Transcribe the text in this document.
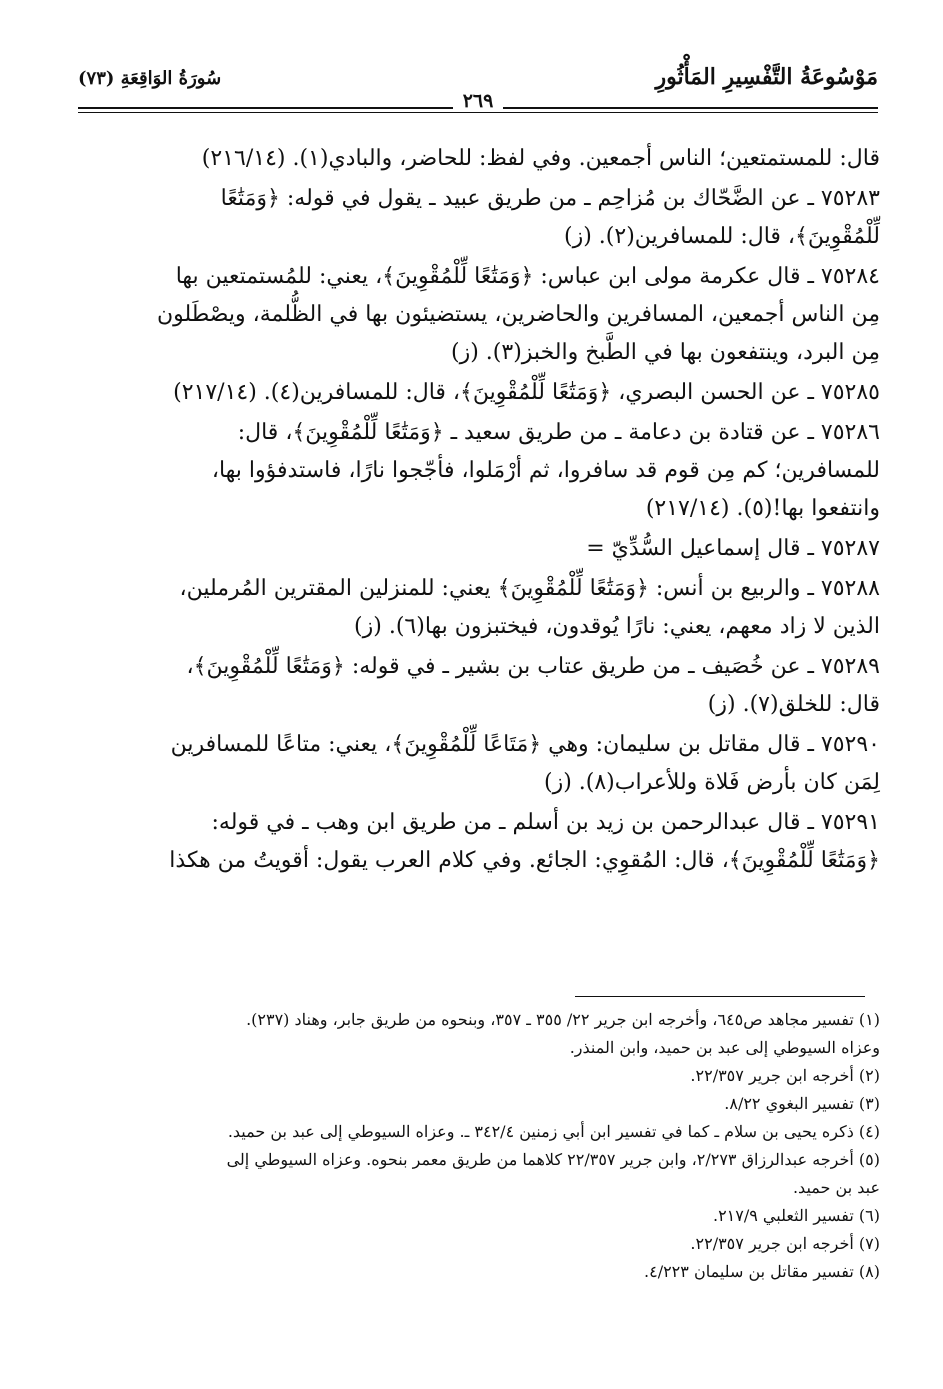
مَوْسُوعَةُ التَّفْسِيرِ المَأْثُورِ
سُورَةُ الوَاقِعَةِ (٧٣)
٢٦٩

قال: للمستمتعين؛ الناس أجمعين. وفي لفظ: للحاضر، والبادي(١). (٢١٦/١٤)

٧٥٢٨٣ ـ عن الضَّحّاك بن مُزاحِم ـ من طريق عبيد ـ يقول في قوله: ﴿وَمَتَٰعًا

لِّلْمُقْوِينَ﴾، قال: للمسافرين(٢). (ز)

٧٥٢٨٤ ـ قال عكرمة مولى ابن عباس: ﴿وَمَتَٰعًا لِّلْمُقْوِينَ﴾، يعني: للمُستمتعين بها

مِن الناس أجمعين، المسافرين والحاضرين، يستضيئون بها في الظُّلمة، ويصْطَلون

مِن البرد، وينتفعون بها في الطَّبخ والخبز(٣). (ز)

٧٥٢٨٥ ـ عن الحسن البصري، ﴿وَمَتَٰعًا لِّلْمُقْوِينَ﴾، قال: للمسافرين(٤). (٢١٧/١٤)

٧٥٢٨٦ ـ عن قتادة بن دعامة ـ من طريق سعيد ـ ﴿وَمَتَٰعًا لِّلْمُقْوِينَ﴾، قال:

للمسافرين؛ كم مِن قوم قد سافروا، ثم أرْمَلوا، فأجّجوا نارًا، فاستدفؤوا بها،

وانتفعوا بها!(٥). (٢١٧/١٤)

٧٥٢٨٧ ـ قال إسماعيل السُّدِّيّ =

٧٥٢٨٨ ـ والربيع بن أنس: ﴿وَمَتَٰعًا لِّلْمُقْوِينَ﴾ يعني: للمنزلين المقترين المُرملين،

الذين لا زاد معهم، يعني: نارًا يُوقدون، فيختبزون بها(٦). (ز)

٧٥٢٨٩ ـ عن خُصَيف ـ من طريق عتاب بن بشير ـ في قوله: ﴿وَمَتَٰعًا لِّلْمُقْوِينَ﴾،

قال: للخلق(٧). (ز)

٧٥٢٩٠ ـ قال مقاتل بن سليمان: وهي ﴿مَتَاعًا لِّلْمُقْوِينَ﴾، يعني: متاعًا للمسافرين

لِمَن كان بأرض فَلاة وللأعراب(٨). (ز)

٧٥٢٩١ ـ قال عبدالرحمن بن زيد بن أسلم ـ من طريق ابن وهب ـ في قوله:

﴿وَمَتَٰعًا لِّلْمُقْوِينَ﴾، قال: المُقوِي: الجائع. وفي كلام العرب يقول: أقويتُ من هكذا

(١) تفسير مجاهد ص٦٤٥، وأخرجه ابن جرير ٢٢/ ٣٥٥ ـ ٣٥٧، وبنحوه من طريق جابر، وهناد (٢٣٧).

وعزاه السيوطي إلى عبد بن حميد، وابن المنذر.

(٢) أخرجه ابن جرير ٢٢/٣٥٧.

(٣) تفسير البغوي ٨/٢٢.

(٤) ذكره يحيى بن سلام ـ كما في تفسير ابن أبي زمنين ٣٤٢/٤ ـ. وعزاه السيوطي إلى عبد بن حميد.

(٥) أخرجه عبدالرزاق ٢/٢٧٣، وابن جرير ٢٢/٣٥٧ كلاهما من طريق معمر بنحوه. وعزاه السيوطي إلى

عبد بن حميد.

(٦) تفسير الثعلبي ٢١٧/٩.

(٧) أخرجه ابن جرير ٢٢/٣٥٧.

(٨) تفسير مقاتل بن سليمان ٤/٢٢٣.
